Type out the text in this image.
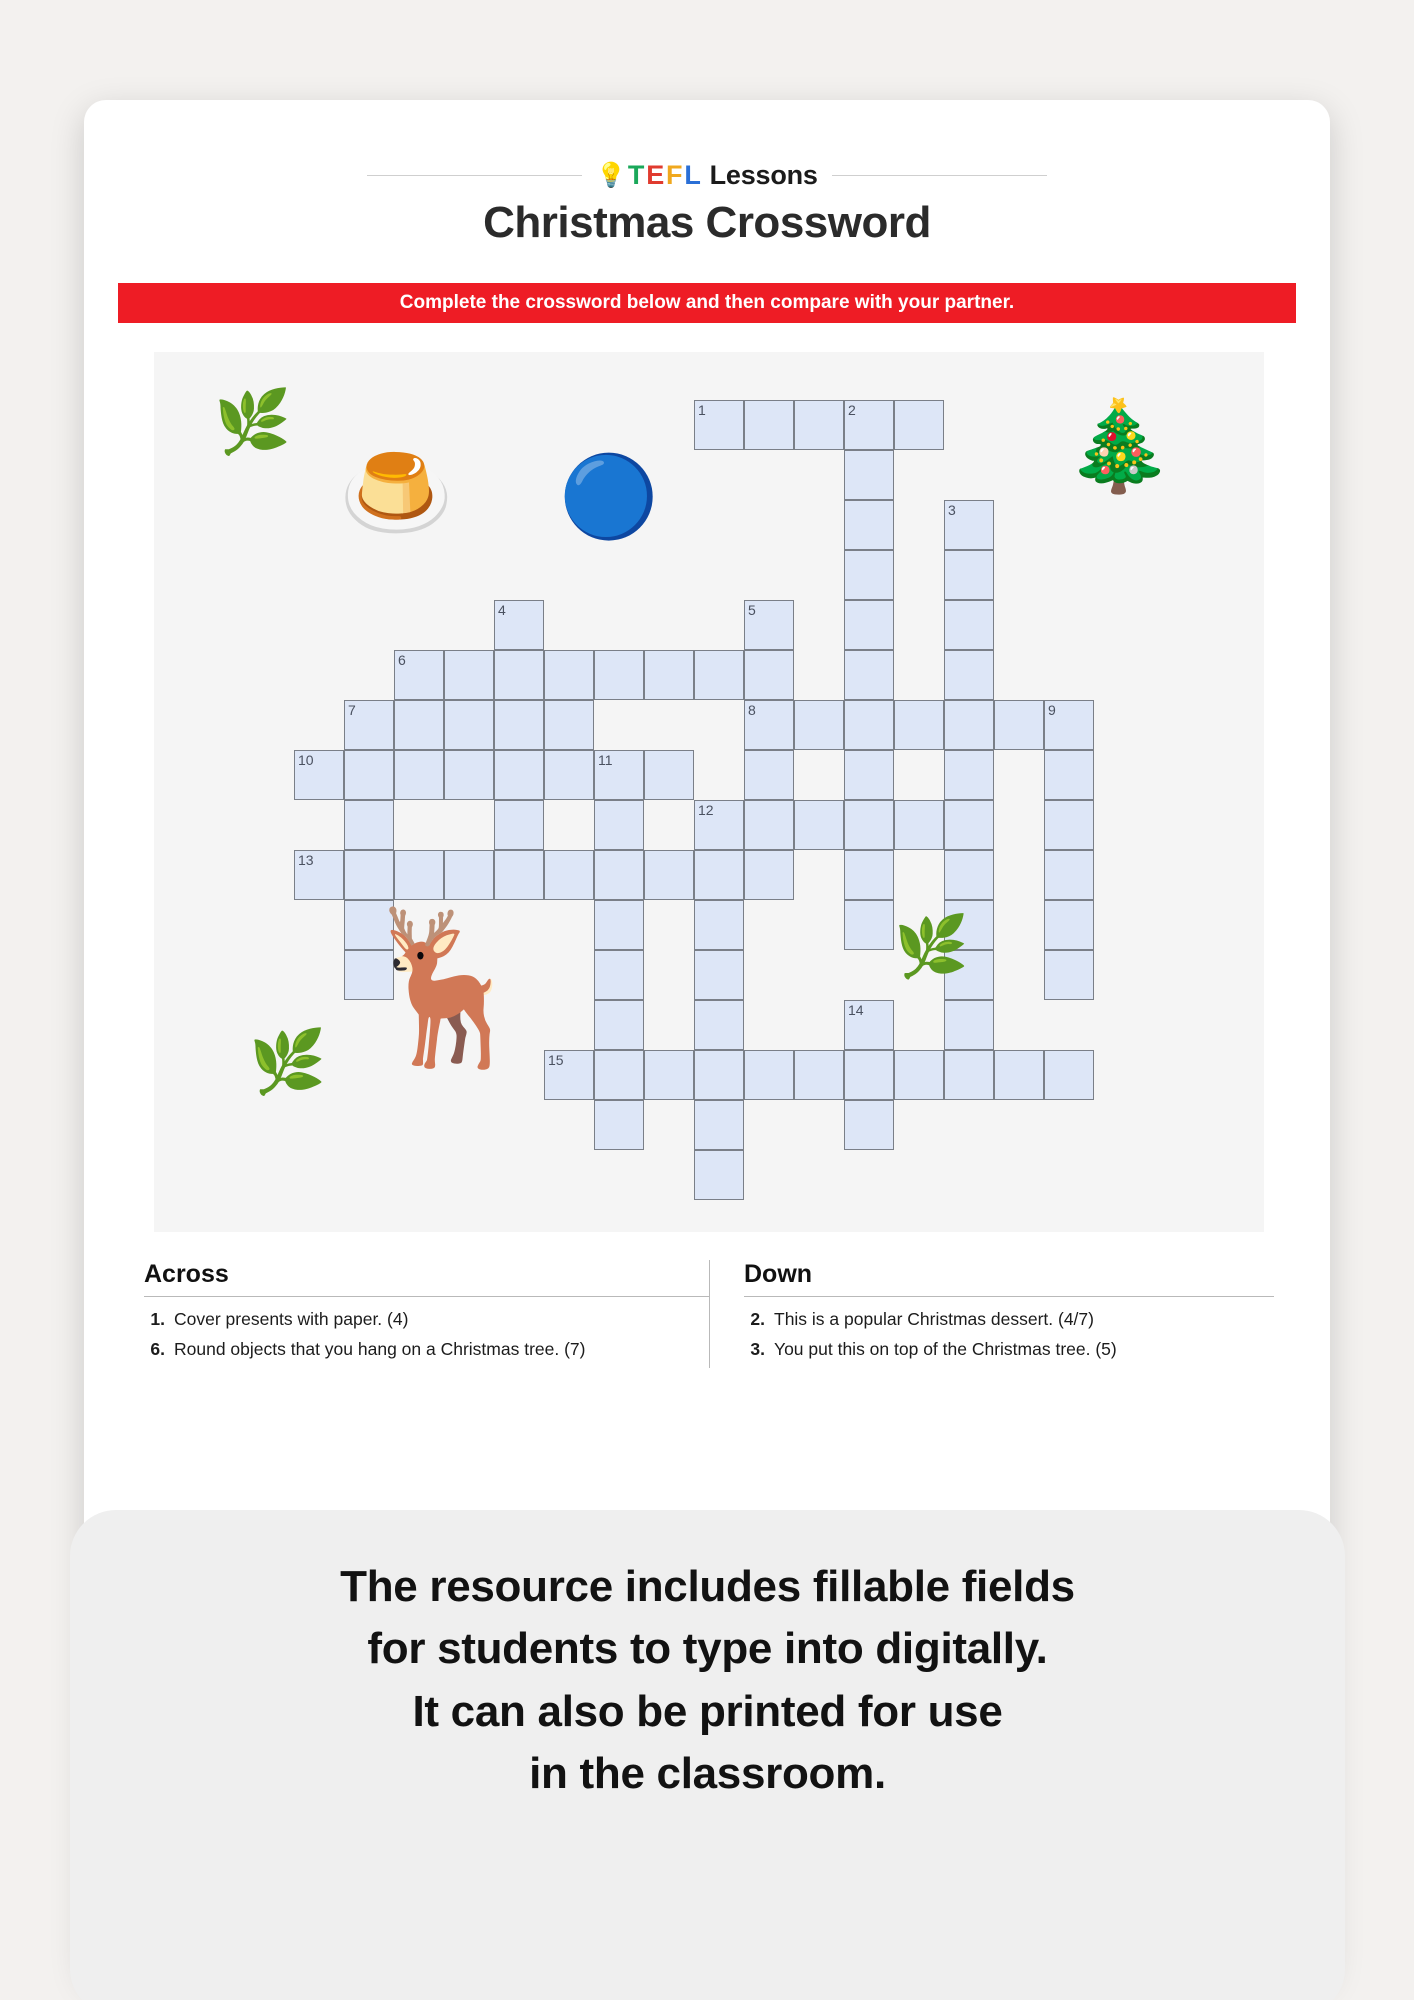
💡 T E F L Lessons
Christmas Crossword
Complete the crossword below and then compare with your partner.
1	2
3
4	5
6
7	8	9
10	11
12
13
14
15
🌿
🍮 🔵
🎄
🦌	🌿
🌿
Across
1. Cover presents with paper. (4)
6. Round objects that you hang on a Christmas tree. (7)
Down
2. This is a popular Christmas dessert. (4/7)
3. You put this on top of the Christmas tree. (5)
The resource includes fillable fields
for students to type into digitally.
It can also be printed for use
in the classroom.
